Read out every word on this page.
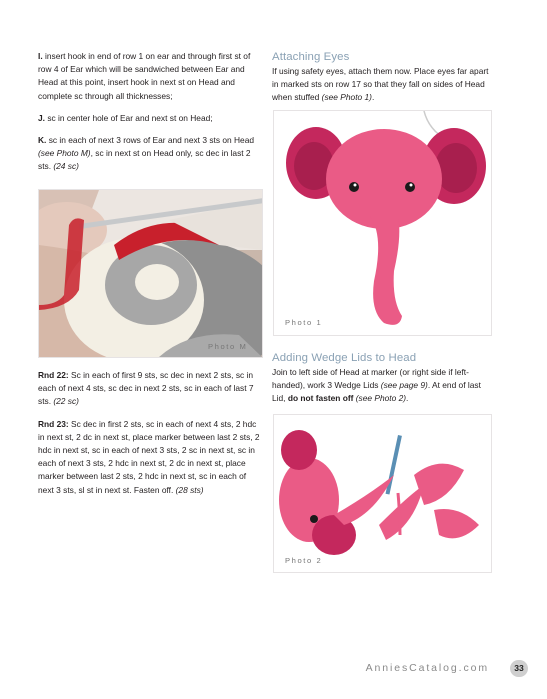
I. insert hook in end of row 1 on ear and through first st of row 4 of Ear which will be sandwiched between Ear and Head at this point, insert hook in next st on Head and complete sc through all thicknesses;

J. sc in center hole of Ear and next st on Head;

K. sc in each of next 3 rows of Ear and next 3 sts on Head (see Photo M), sc in next st on Head only, sc dec in last 2 sts. (24 sc)

Photo M

Rnd 22: Sc in each of first 9 sts, sc dec in next 2 sts, sc in each of next 4 sts, sc dec in next 2 sts, sc in each of last 7 sts. (22 sc)

Rnd 23: Sc dec in first 2 sts, sc in each of next 4 sts, 2 hdc in next st, 2 dc in next st, place marker between last 2 sts, 2 hdc in next st, sc in each of next 3 sts, 2 sc in next st, sc in each of next 3 sts, 2 hdc in next st, 2 dc in next st, place marker between last 2 sts, 2 hdc in next st, sc in each of next 3 sts, sl st in next st. Fasten off. (28 sts)

Attaching Eyes

If using safety eyes, attach them now. Place eyes far apart in marked sts on row 17 so that they fall on sides of Head when stuffed (see Photo 1).

Photo 1
Adding Wedge Lids to Head

Join to left side of Head at marker (or right side if left-handed), work 3 Wedge Lids (see page 9). At end of last Lid, do not fasten off (see Photo 2).

Photo 2
AnniesCatalog.com	33
